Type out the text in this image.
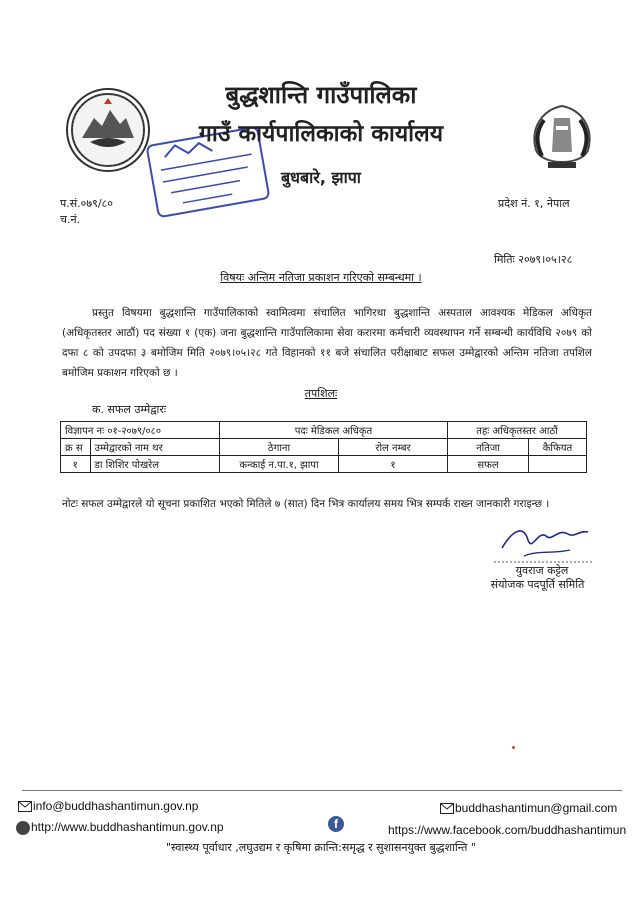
बुद्धशान्ति गाउँपालिका
गाउँ कार्यपालिकाको कार्यालय
बुधबारे, झापा
प.सं.०७९/८०
च.नं.
प्रदेश नं. १, नेपाल
मितिः २०७९।०५।२८
विषयः अन्तिम नतिजा प्रकाशन गरिएको सम्बन्धमा ।
प्रस्तुत विषयमा बुद्धशान्ति गाउँपालिकाको स्वामित्वमा संचालित भागिरथा बुद्धशान्ति अस्पताल आवश्यक मेडिकल अधिकृत (अधिकृतस्तर आठौं) पद संख्या १ (एक) जना बुद्धशान्ति गाउँपालिकामा सेवा करारमा कर्मचारी व्यवस्थापन गर्ने सम्बन्धी कार्यविधि २०७९ को दफा ८ को उपदफा ३ बमोजिम मिति २०७९।०५।२८ गते विहानको ११ बजे संचालित परीक्षाबाट सफल उम्मेद्वारको अन्तिम नतिजा तपशिल बमोजिम प्रकाशन गरिएको छ ।
तपशिलः
क. सफल उम्मेद्वारः
विज्ञापन नः ०१-२०७९/०८०		पदः मेडिकल अधिकृत		तहः अधिकृतस्तर आठौं	
क्र स	उम्मेद्वारको नाम थर	ठेगाना	रोल नम्बर	नतिजा	कैफियत
१	डा शिशिर पोखरेल	कन्काई न.पा.१, झापा	१	सफल	
नोटः सफल उम्मेद्वारले यो सूचना प्रकाशित भएको मितिले ७ (सात) दिन भित्र कार्यालय समय भित्र सम्पर्क राख्न जानकारी गराइन्छ ।
युवराज कट्टेल
संयोजक पदपूर्ति समिति
info@buddhashantimun.gov.np	buddhashantimun@gmail.com
http://www.buddhashantimun.gov.np	f	https://www.facebook.com/buddhashantimun
"स्वास्थ्य पूर्वाधार ,लघुउद्यम र कृषिमा क्रान्ति:समृद्ध र सुशासनयुक्त बुद्धशान्ति "
